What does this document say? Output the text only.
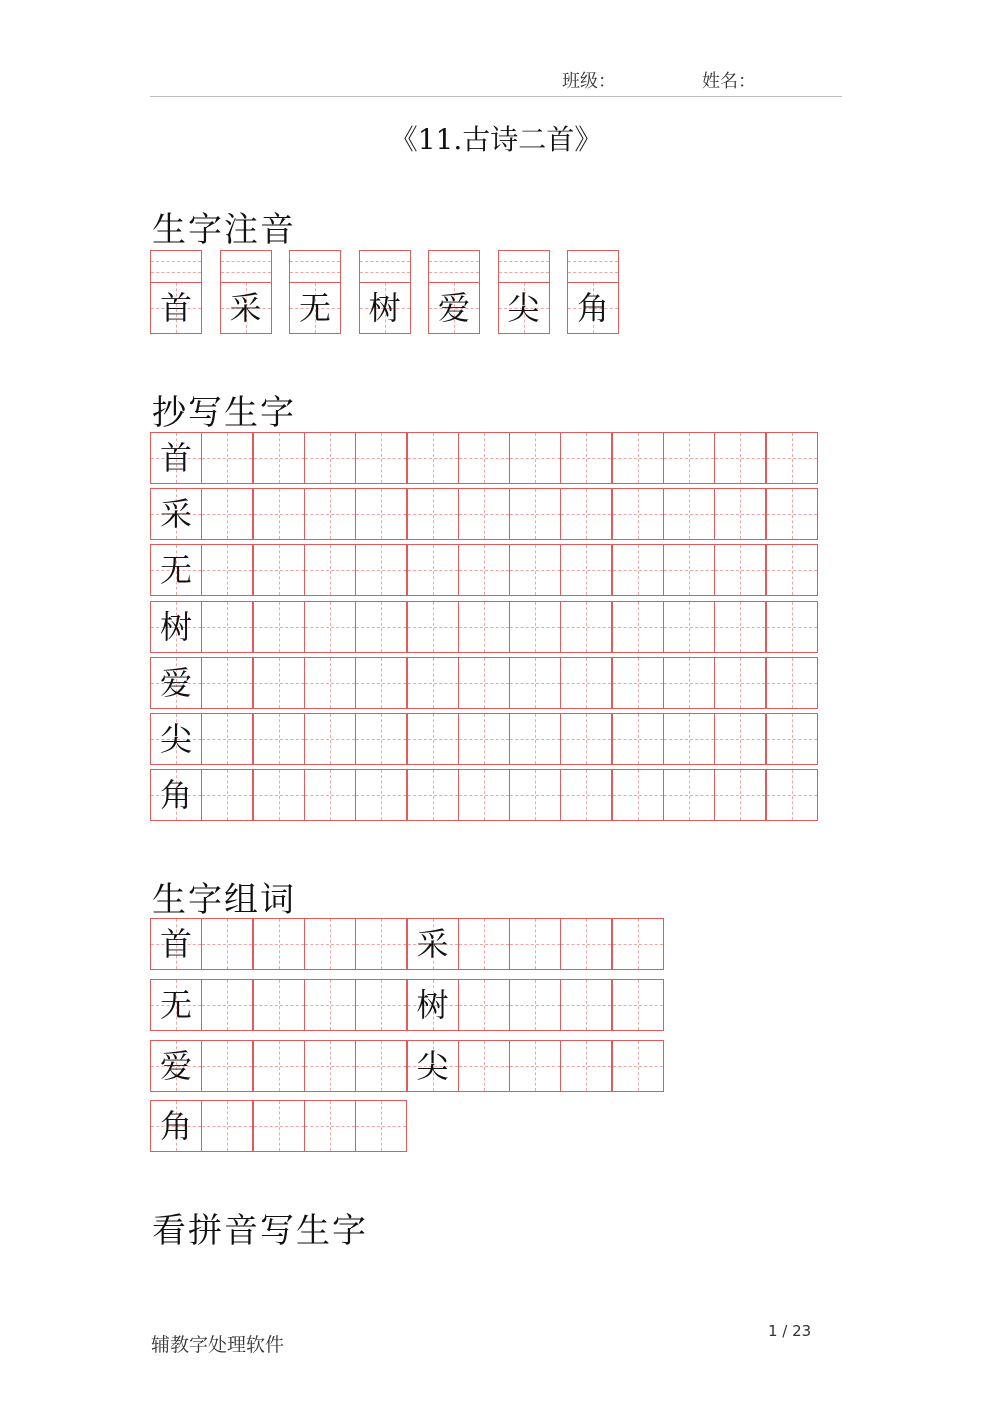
班级：	姓名：
《11.古诗二首》
生字注音
抄写生字
生字组词
看拼音写生字
首 采 无 树 爱 尖 角
首
采
无
树
爱
尖
角
首	采
无	树
爱	尖
角
辅教字处理软件
1 / 23
